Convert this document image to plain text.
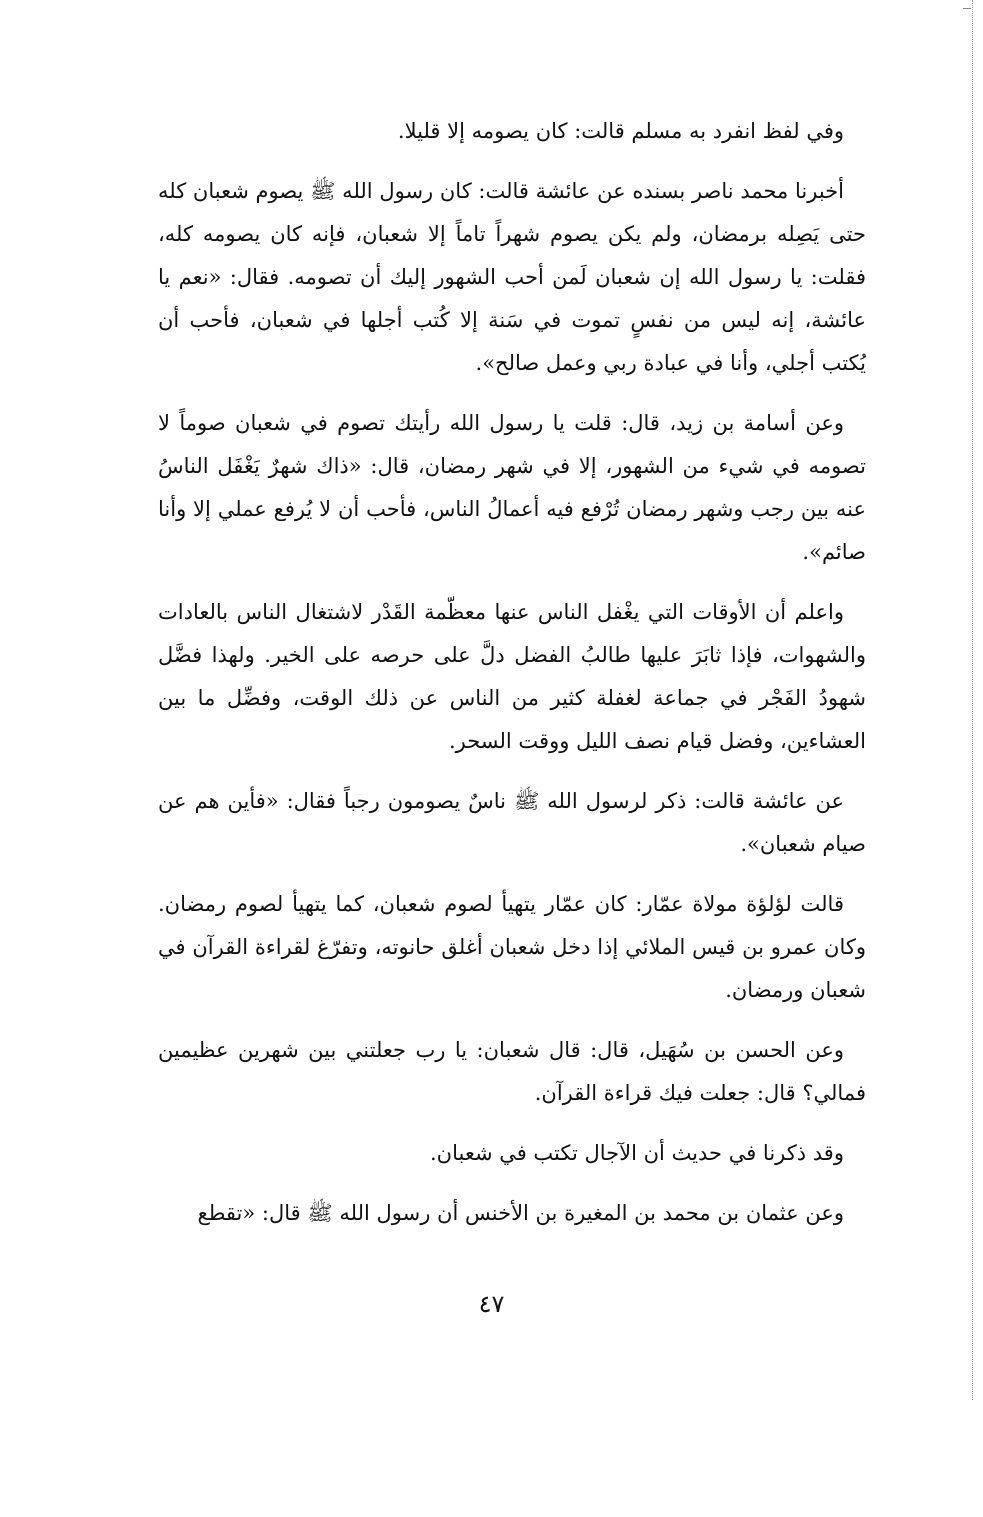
وفي لفظ انفرد به مسلم قالت: كان يصومه إلا قليلا.

أخبرنا محمد ناصر بسنده عن عائشة قالت: كان رسول الله ﷺ يصوم شعبان كله حتى يَصِله برمضان، ولم يكن يصوم شهراً تاماً إلا شعبان، فإنه كان يصومه كله، فقلت: يا رسول الله إن شعبان لَمن أحب الشهور إليك أن تصومه. فقال: «نعم يا عائشة، إنه ليس من نفسٍ تموت في سَنة إلا كُتب أجلها في شعبان، فأحب أن يُكتب أجلي، وأنا في عبادة ربي وعمل صالح».

وعن أسامة بن زيد، قال: قلت يا رسول الله رأيتك تصوم في شعبان صوماً لا تصومه في شيء من الشهور، إلا في شهر رمضان، قال: «ذاك شهرٌ يَغْفَل الناسُ عنه بين رجب وشهر رمضان تُرْفع فيه أعمالُ الناس، فأحب أن لا يُرفع عملي إلا وأنا صائم».

واعلم أن الأوقات التي يغْفل الناس عنها معظّمة القَدْر لاشتغال الناس بالعادات والشهوات، فإذا ثابَرَ عليها طالبُ الفضل دلَّ على حرصه على الخير. ولهذا فضَّل شهودُ الفَجْر في جماعة لغفلة كثير من الناس عن ذلك الوقت، وفضِّل ما بين العشاءين، وفضل قيام نصف الليل ووقت السحر.

عن عائشة قالت: ذكر لرسول الله ﷺ ناسٌ يصومون رجباً فقال: «فأين هم عن صيام شعبان».

قالت لؤلؤة مولاة عمّار: كان عمّار يتهيأ لصوم شعبان، كما يتهيأ لصوم رمضان. وكان عمرو بن قيس الملائي إذا دخل شعبان أغلق حانوته، وتفرّغ لقراءة القرآن في شعبان ورمضان.

وعن الحسن بن سُهَيل، قال: قال شعبان: يا رب جعلتني بين شهرين عظيمين فمالي؟ قال: جعلت فيك قراءة القرآن.

وقد ذكرنا في حديث أن الآجال تكتب في شعبان.

وعن عثمان بن محمد بن المغيرة بن الأخنس أن رسول الله ﷺ قال: «تقطع

٤٧
